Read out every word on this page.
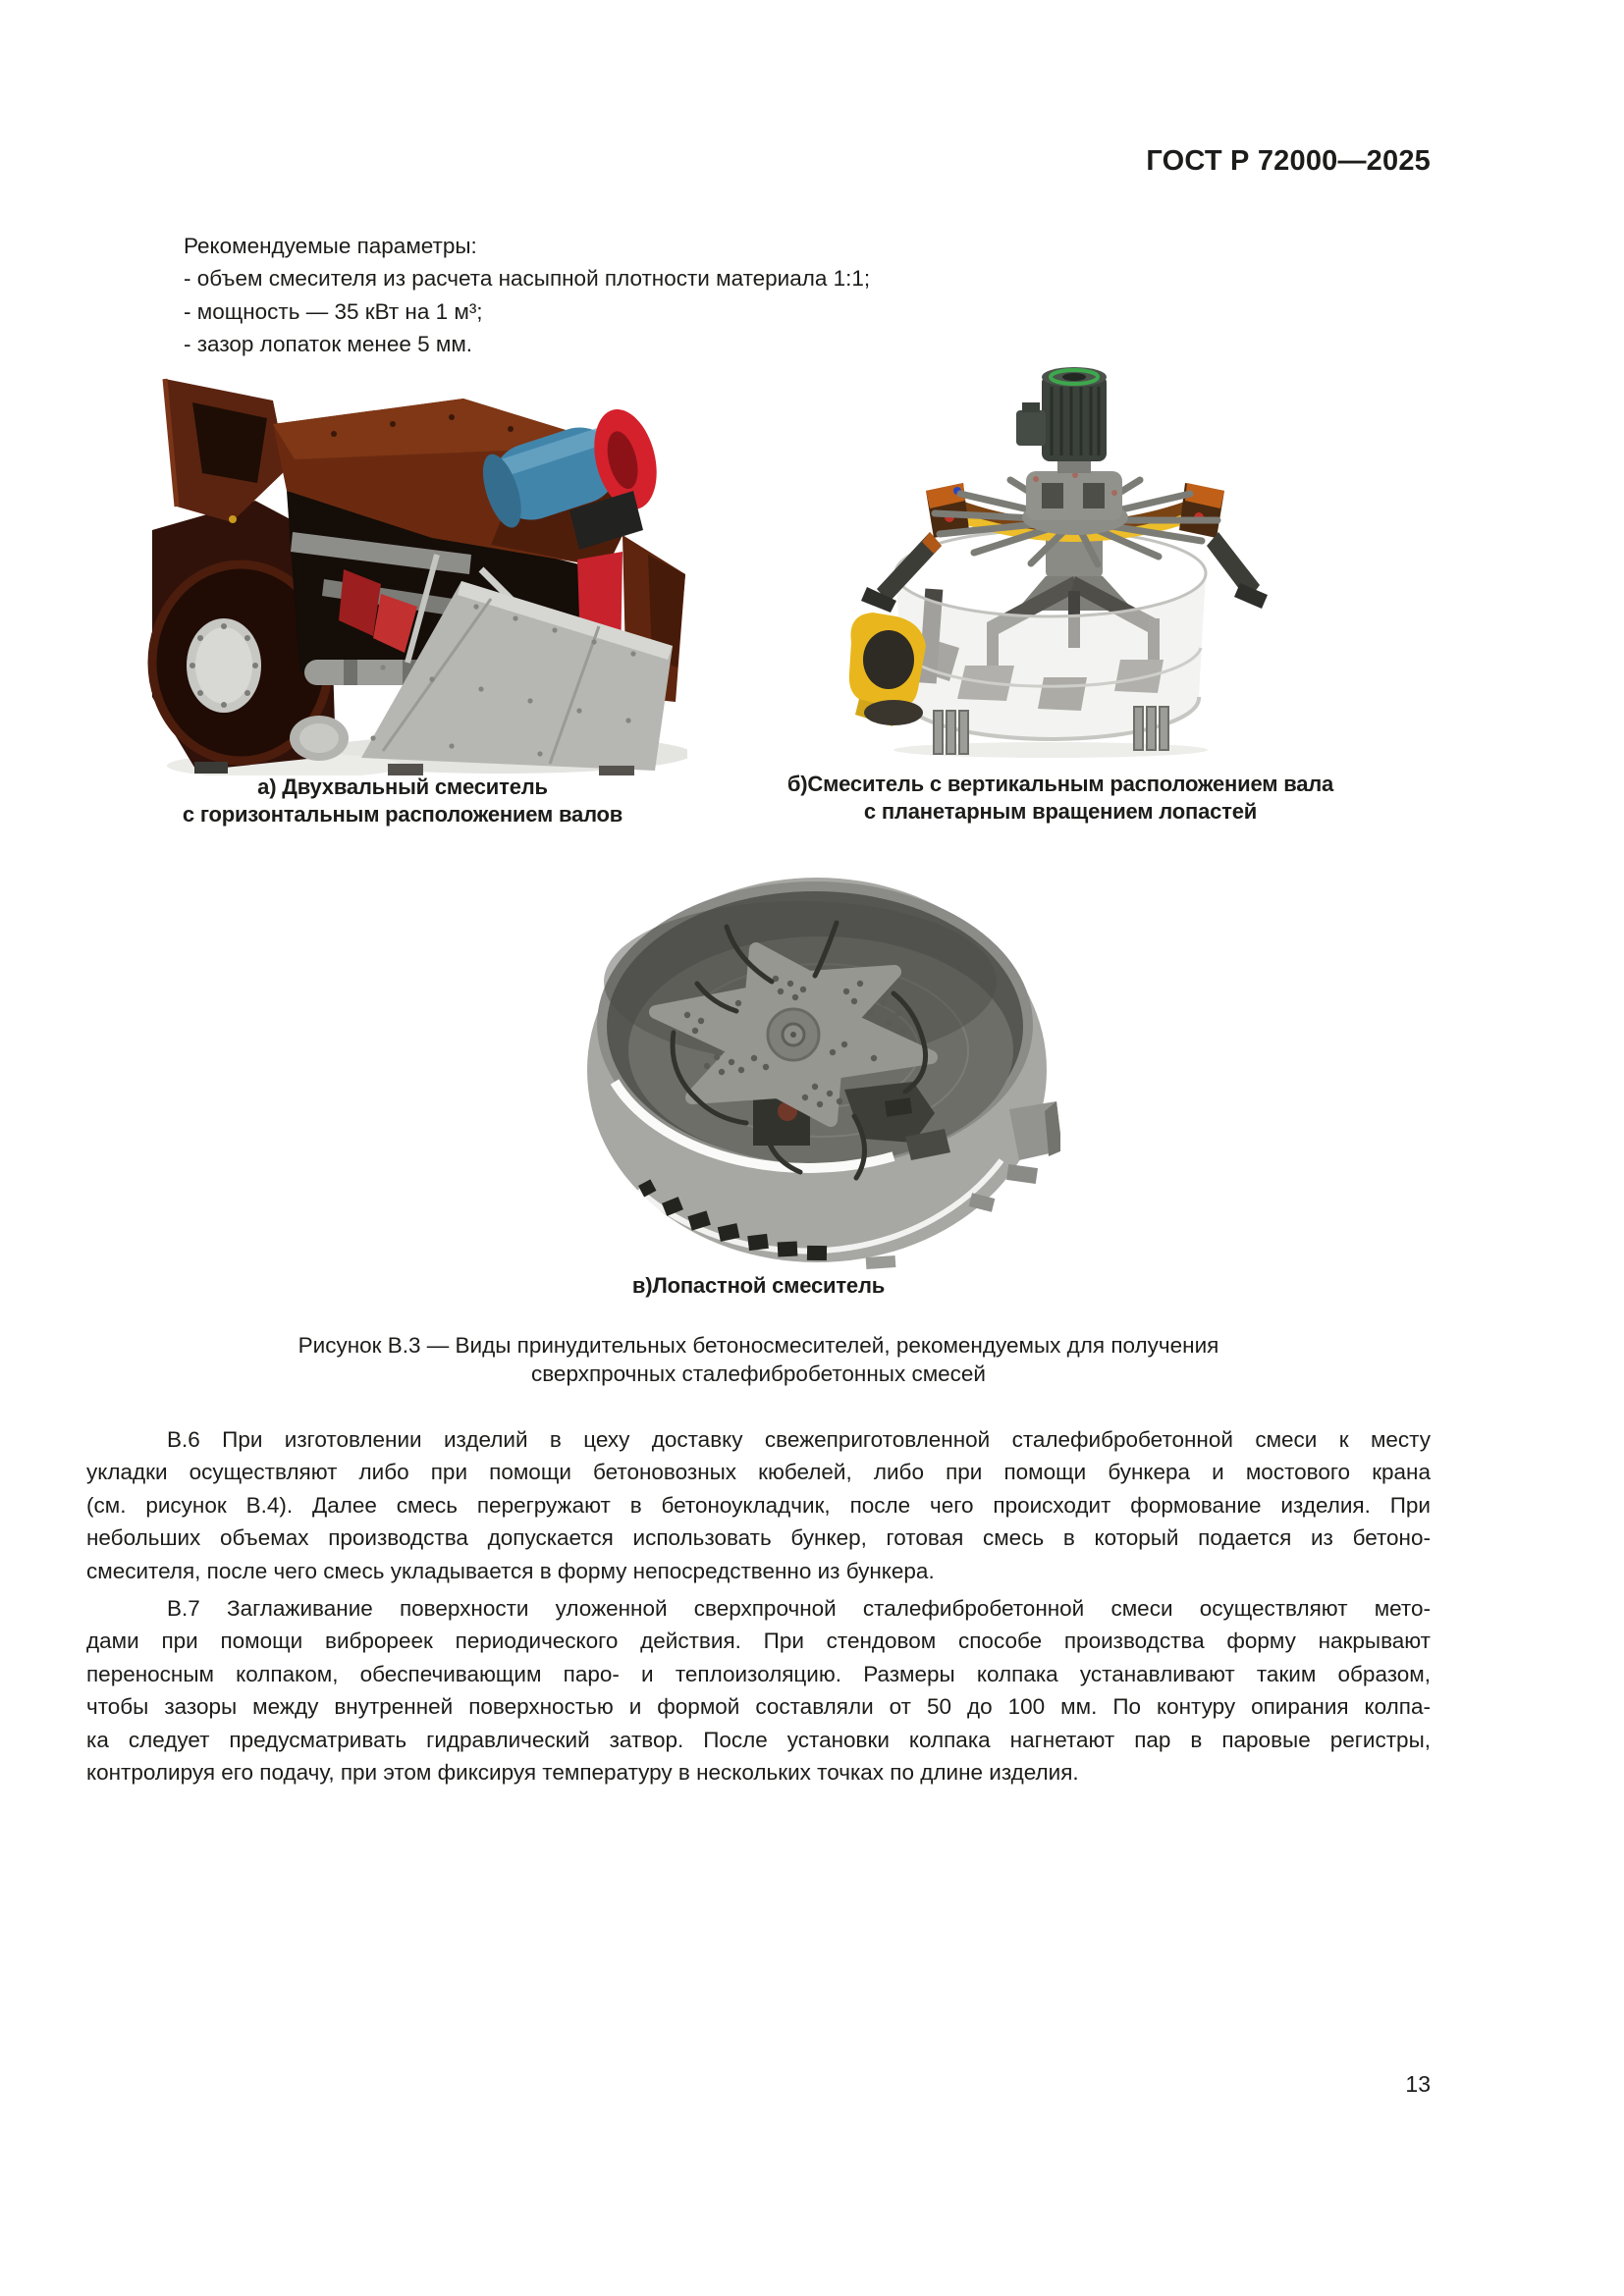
ГОСТ Р 72000—2025
Рекомендуемые параметры:
- объем смесителя из расчета насыпной плотности материала 1:1;
- мощность — 35 кВт на 1 м³;
- зазор лопаток менее 5 мм.
а) Двухвальный смеситель
с горизонтальным расположением валов
б)Смеситель с вертикальным расположением вала
с планетарным вращением лопастей
в)Лопастной смеситель
Рисунок В.3 — Виды принудительных бетоносмесителей, рекомендуемых для получения
сверхпрочных сталефибробетонных смесей
В.6 При изготовлении изделий в цеху доставку свежеприготовленной сталефибробетонной смеси к месту
укладки осуществляют либо при помощи бетоновозных кюбелей, либо при помощи бункера и мостового крана
(см. рисунок В.4). Далее смесь перегружают в бетоноукладчик, после чего происходит формование изделия. При
небольших объемах производства допускается использовать бункер, готовая смесь в который подается из бетоно-
смесителя, после чего смесь укладывается в форму непосредственно из бункера.
В.7 Заглаживание поверхности уложенной сверхпрочной сталефибробетонной смеси осуществляют мето-
дами при помощи виброреек периодического действия. При стендовом способе производства форму накрывают
переносным колпаком, обеспечивающим паро- и теплоизоляцию. Размеры колпака устанавливают таким образом,
чтобы зазоры между внутренней поверхностью и формой составляли от 50 до 100 мм. По контуру опирания колпа-
ка следует предусматривать гидравлический затвор. После установки колпака нагнетают пар в паровые регистры,
контролируя его подачу, при этом фиксируя температуру в нескольких точках по длине изделия.
13
